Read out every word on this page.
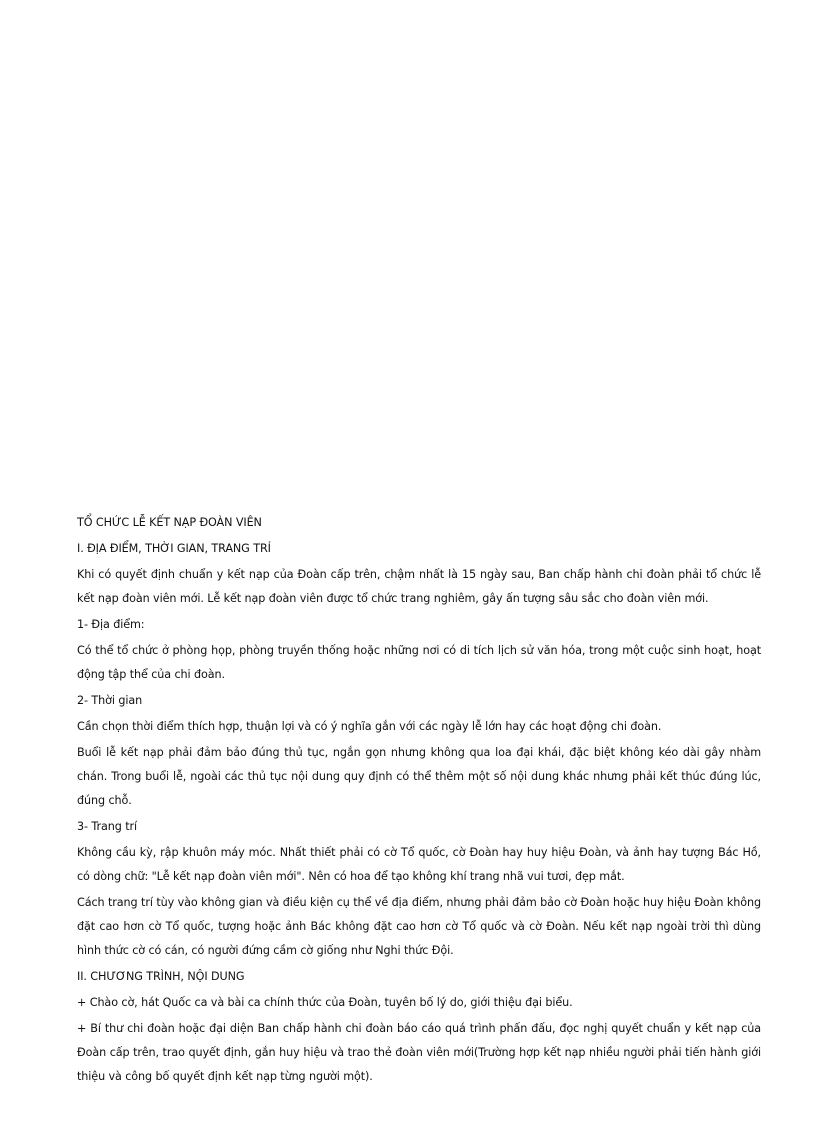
TỔ CHỨC LỄ KẾT NẠP ĐOÀN VIÊN

I. ĐỊA ĐIỂM, THỜI GIAN, TRANG TRÍ

Khi có quyết định chuẩn y kết nạp của Đoàn cấp trên, chậm nhất là 15 ngày sau, Ban chấp hành chi đoàn phải tổ chức lễ kết nạp đoàn viên mới. Lễ kết nạp đoàn viên được tổ chức trang nghiêm, gây ấn tượng sâu sắc cho đoàn viên mới.

1- Địa điểm:

Có thể tổ chức ở phòng họp, phòng truyền thống hoặc những nơi có di tích lịch sử văn hóa, trong một cuộc sinh hoạt, hoạt động tập thể của chi đoàn.

2- Thời gian

Cần chọn thời điểm thích hợp, thuận lợi và có ý nghĩa gắn với các ngày lễ lớn hay các hoạt động chi đoàn.

Buổi lễ kết nạp phải đảm bảo đúng thủ tục, ngắn gọn nhưng không qua loa đại khái, đặc biệt không kéo dài gây nhàm chán. Trong buổi lễ, ngoài các thủ tục nội dung quy định có thể thêm một số nội dung khác nhưng phải kết thúc đúng lúc, đúng chỗ.

3- Trang trí

Không cầu kỳ, rập khuôn máy móc. Nhất thiết phải có cờ Tổ quốc, cờ Đoàn hay huy hiệu Đoàn, và ảnh hay tượng Bác Hồ, có dòng chữ: "Lễ kết nạp đoàn viên mới". Nên có hoa để tạo không khí trang nhã vui tươi, đẹp mắt.

Cách trang trí tùy vào không gian và điều kiện cụ thể về địa điểm, nhưng phải đảm bảo cờ Đoàn hoặc huy hiệu Đoàn không đặt cao hơn cờ Tổ quốc, tượng hoặc ảnh Bác không đặt cao hơn cờ Tổ quốc và cờ Đoàn. Nếu kết nạp ngoài trời thì dùng hình thức cờ có cán, có người đứng cầm cờ giống như Nghi thức Đội.

II. CHƯƠNG TRÌNH, NỘI DUNG

+ Chào cờ, hát Quốc ca và bài ca chính thức của Đoàn, tuyên bố lý do, giới thiệu đại biểu.

+ Bí thư chi đoàn hoặc đại diện Ban chấp hành chi đoàn báo cáo quá trình phấn đấu, đọc nghị quyết chuẩn y kết nạp của Đoàn cấp trên, trao quyết định, gắn huy hiệu và trao thẻ đoàn viên mới(Trường hợp kết nạp nhiều người phải tiến hành giới thiệu và công bố quyết định kết nạp từng người một).
